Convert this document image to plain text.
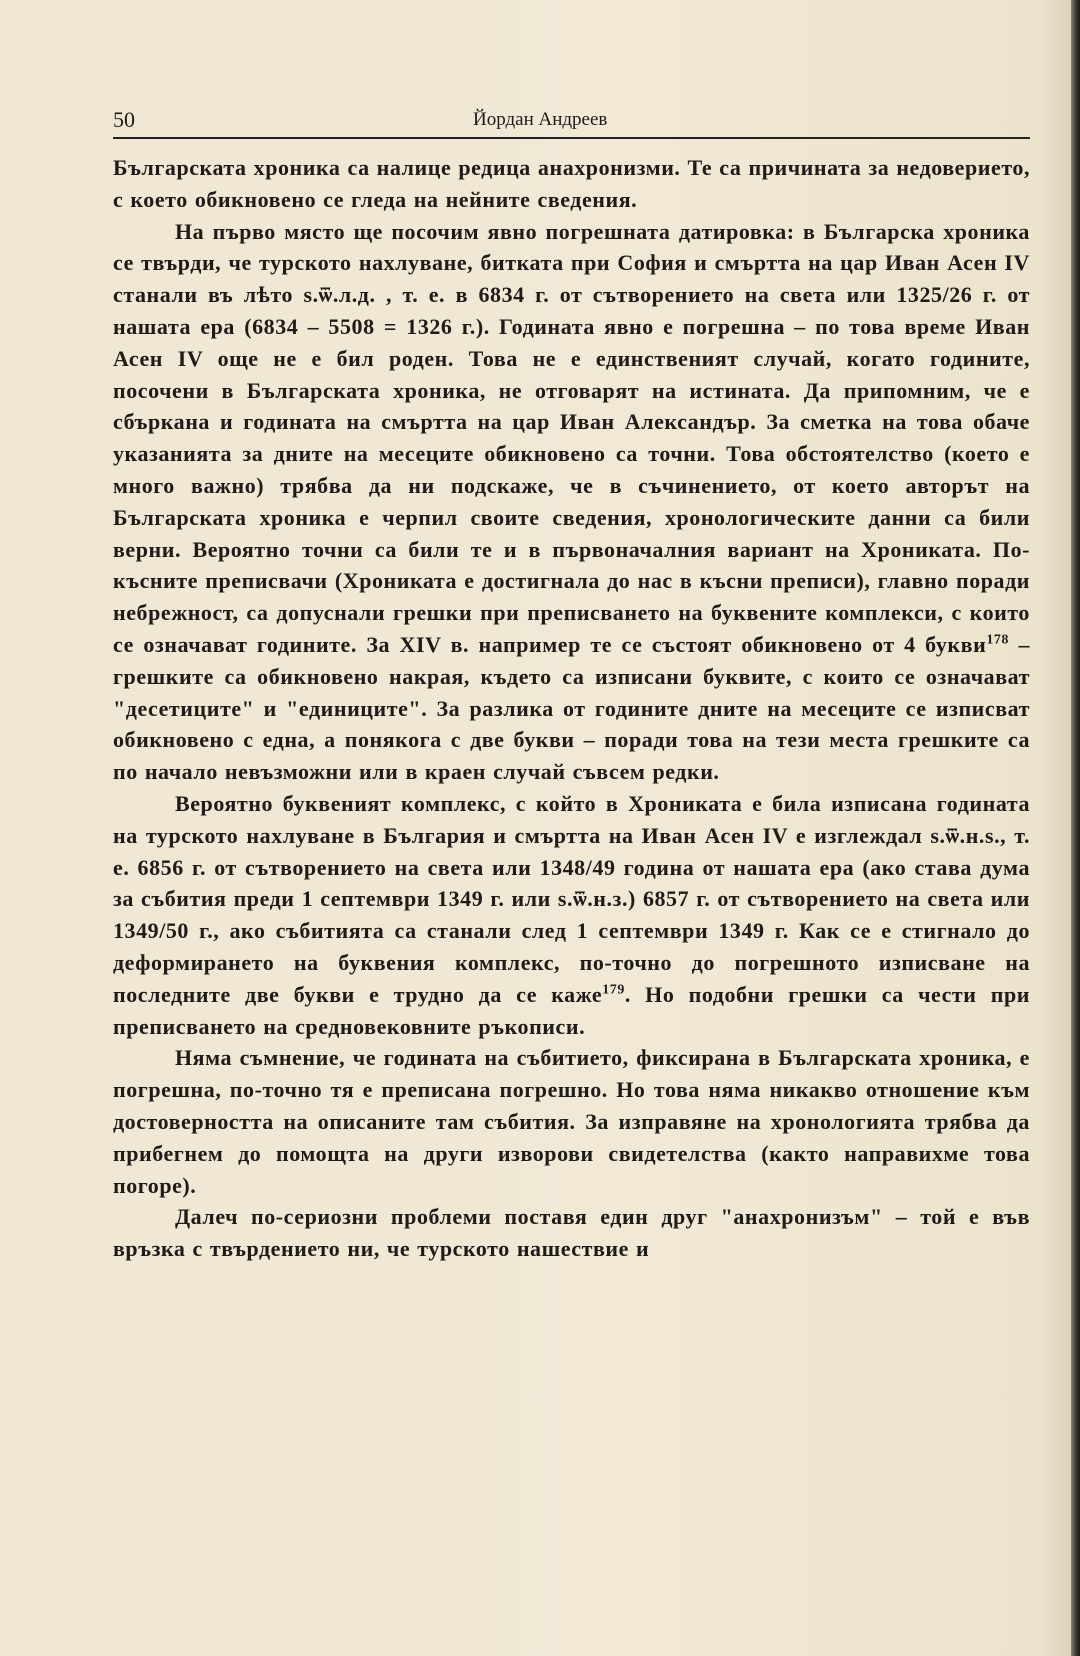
50	Йордан Андреев

Българската хроника са налице редица анахронизми. Те са причината за недоверието, с което обикновено се гледа на нейните сведения.

На първо място ще посочим явно погрешната датировка: в Българска хроника се твърди, че турското нахлуване, битката при София и смъртта на цар Иван Асен IV станали въ лѣто ѕ.ѿ.л.д. , т. е. в 6834 г. от сътворението на света или 1325/26 г. от нашата ера (6834 – 5508 = 1326 г.). Годината явно е погрешна – по това време Иван Асен IV още не е бил роден. Това не е единственият случай, когато годините, посочени в Българската хроника, не отговарят на истината. Да припомним, че е сбъркана и годината на смъртта на цар Иван Александър. За сметка на това обаче указанията за дните на месеците обикновено са точни. Това обстоятелство (което е много важно) трябва да ни подскаже, че в съчинението, от което авторът на Българската хроника е черпил своите сведения, хронологическите данни са били верни. Вероятно точни са били те и в първоначалния вариант на Хрониката. По-късните преписвачи (Хрониката е достигнала до нас в късни преписи), главно поради небрежност, са допуснали грешки при преписването на буквените комплекси, с които се означават годините. За XIV в. например те се състоят обикновено от 4 букви$^{178}$ – грешките са обикновено накрая, където са изписани буквите, с които се означават "десетиците" и "единиците". За разлика от годините дните на месеците се изписват обикновено с една, а понякога с две букви – поради това на тези места грешките са по начало невъзможни или в краен случай съвсем редки.

Вероятно буквеният комплекс, с който в Хрониката е била изписана годината на турското нахлуване в България и смъртта на Иван Асен IV е изглеждал ѕ.ѿ.н.ѕ., т. е. 6856 г. от сътворението на света или 1348/49 година от нашата ера (ако става дума за събития преди 1 септември 1349 г. или ѕ.ѿ.н.з.) 6857 г. от сътворението на света или 1349/50 г., ако събитията са станали след 1 септември 1349 г. Как се е стигнало до деформирането на буквения комплекс, по-точно до погрешното изписване на последните две букви е трудно да се каже$^{179}$. Но подобни грешки са чести при преписването на средновековните ръкописи.

Няма съмнение, че годината на събитието, фиксирана в Българската хроника, е погрешна, по-точно тя е преписана погрешно. Но това няма никакво отношение към достоверността на описаните там събития. За изправяне на хронологията трябва да прибегнем до помощта на други изворови свидетелства (както направихме това погоре).

Далеч по-сериозни проблеми поставя един друг "анахронизъм" – той е във връзка с твърдението ни, че турското нашествие и
